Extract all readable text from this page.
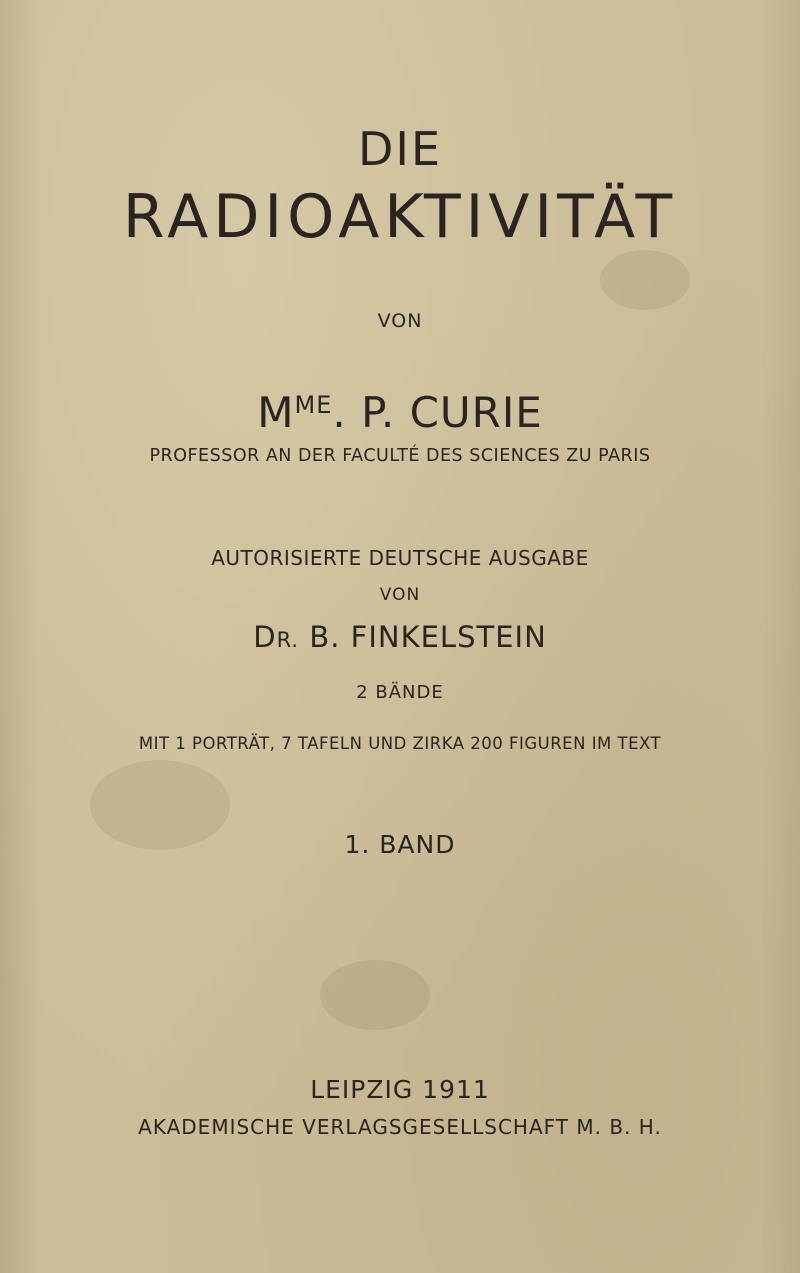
DIE
RADIOAKTIVITÄT
VON
$M^{ME}$. P. CURIE
PROFESSOR AN DER FACULTÉ DES SCIENCES ZU PARIS
AUTORISIERTE DEUTSCHE AUSGABE
VON
DR. B. FINKELSTEIN
2 BÄNDE
MIT 1 PORTRÄT, 7 TAFELN UND ZIRKA 200 FIGUREN IM TEXT
1. BAND
LEIPZIG 1911
AKADEMISCHE VERLAGSGESELLSCHAFT M. B. H.
